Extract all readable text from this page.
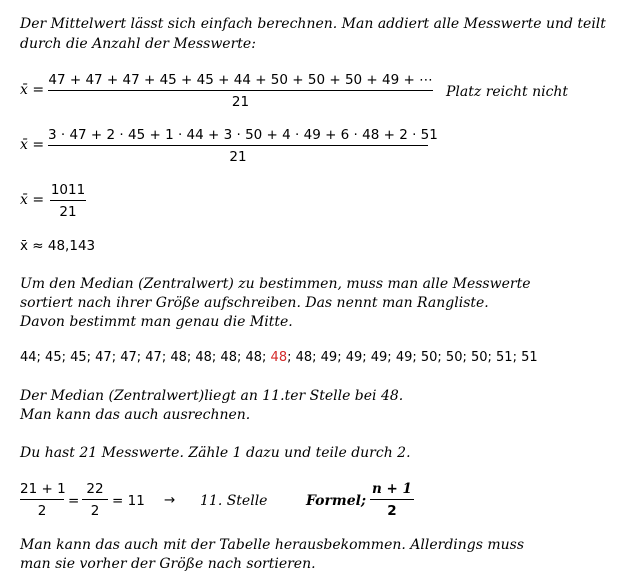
Der Mittelwert lässt sich einfach berechnen. Man addiert alle Messwerte und teilt
durch die Anzahl der Messwerte:
x̄ =
47 + 47 + 47 + 45 + 45 + 44 + 50 + 50 + 50 + 49 + ⋯
21
Platz reicht nicht
x̄ =
3 · 47 + 2 · 45 + 1 · 44 + 3 · 50 + 4 · 49 + 6 · 48 + 2 · 51
21
x̄ =
1011
21
x̄ ≈ 48,143
Um den Median (Zentralwert) zu bestimmen, muss man alle Messwerte
sortiert nach ihrer Größe aufschreiben. Das nennt man Rangliste.
Davon bestimmt man genau die Mitte.
44; 45; 45; 47; 47; 47; 48; 48; 48; 48; 48; 48; 49; 49; 49; 49; 50; 50; 50; 51; 51
Der Median (Zentralwert)liegt an 11.ter Stelle bei 48.
Man kann das auch ausrechnen.
Du hast 21 Messwerte. Zähle 1 dazu und teile durch 2.
21 + 1
2
=
22
2
= 11 → 11. Stelle	Formel;
n + 1
2
Man kann das auch mit der Tabelle herausbekommen. Allerdings muss
man sie vorher der Größe nach sortieren.
